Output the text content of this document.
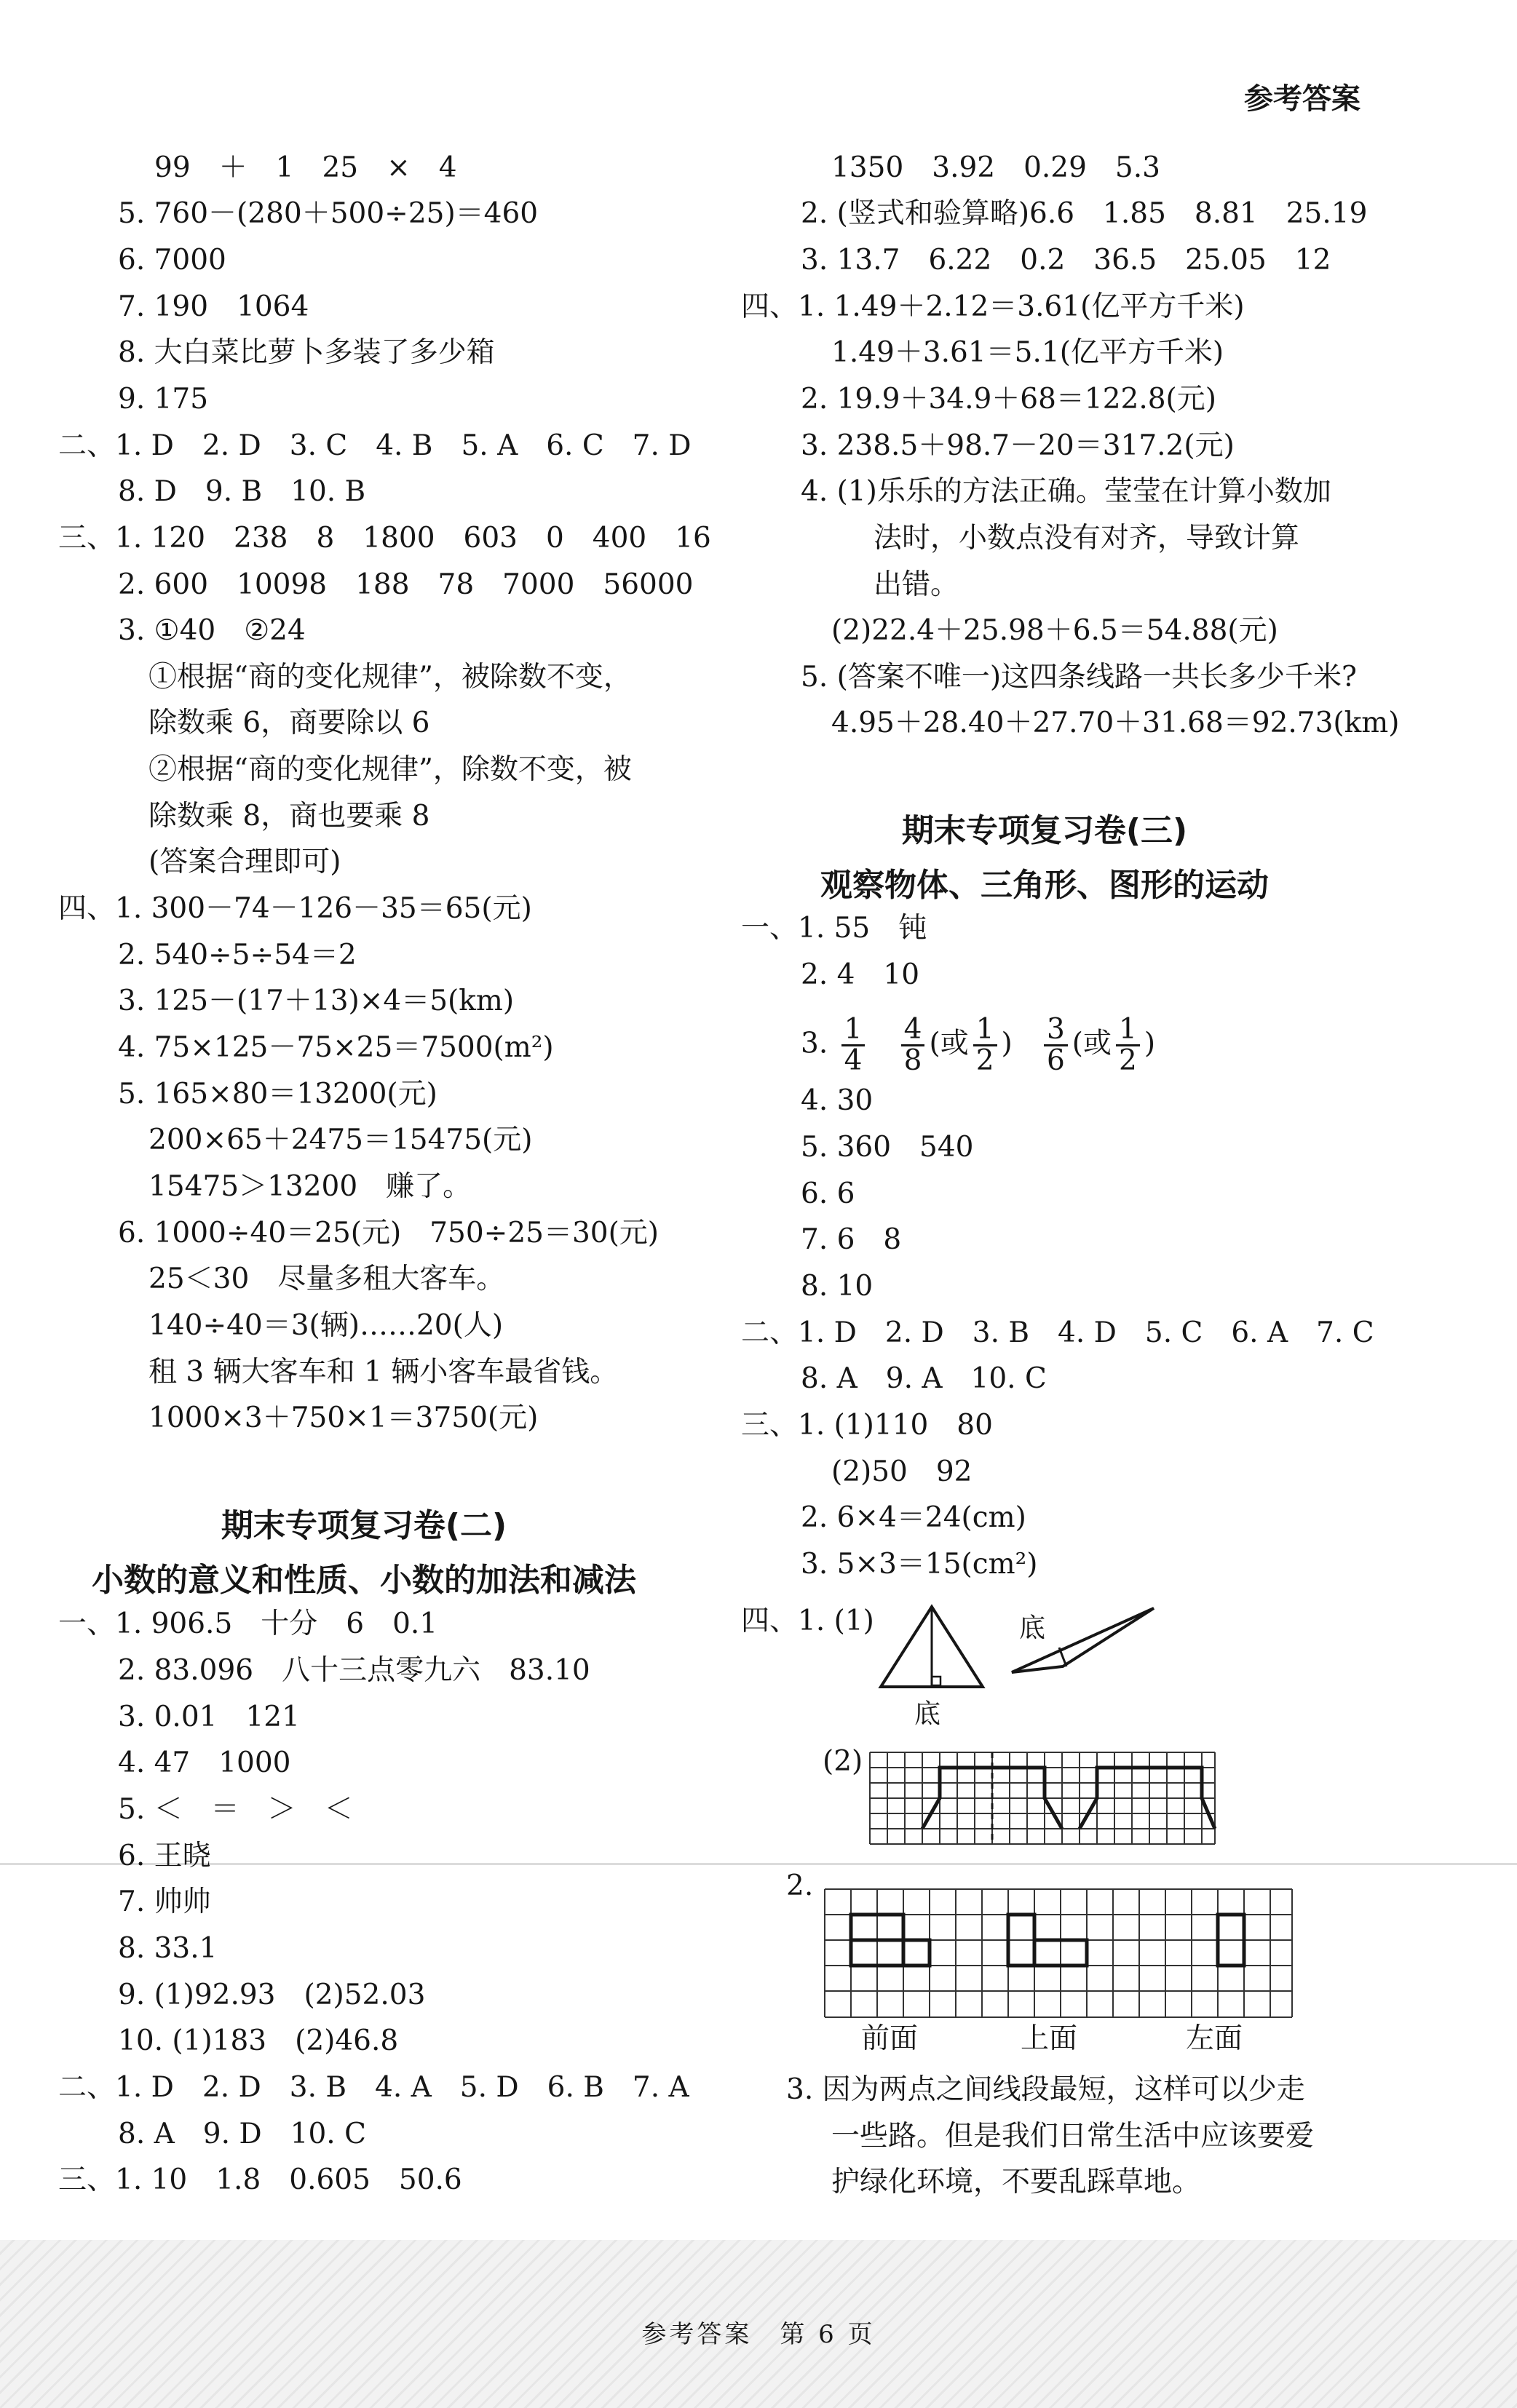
参考答案
99　＋　1　25　×　4
5. 760－(280＋500÷25)＝460
6. 7000
7. 190　1064
8. 大白菜比萝卜多装了多少箱
9. 175
二、1. D　2. D　3. C　4. B　5. A　6. C　7. D
8. D　9. B　10. B
三、1. 120　238　8　1800　603　0　400　16
2. 600　10098　188　78　7000　56000
3. ①40　②24
①根据“商的变化规律”，被除数不变，
除数乘 6，商要除以 6
②根据“商的变化规律”，除数不变，被
除数乘 8，商也要乘 8
(答案合理即可)
四、1. 300－74－126－35＝65(元)
2. 540÷5÷54＝2
3. 125－(17＋13)×4＝5(km)
4. 75×125－75×25＝7500(m²)
5. 165×80＝13200(元)
200×65＋2475＝15475(元)
15475＞13200　赚了。
6. 1000÷40＝25(元)　750÷25＝30(元)
25＜30　尽量多租大客车。
140÷40＝3(辆)……20(人)
租 3 辆大客车和 1 辆小客车最省钱。
1000×3＋750×1＝3750(元)
期末专项复习卷(二)
小数的意义和性质、小数的加法和减法
一、1. 906.5　十分　6　0.1
2. 83.096　八十三点零九六　83.10
3. 0.01　121
4. 47　1000
5. ＜　＝　＞　＜
6. 王晓
7. 帅帅
8. 33.1
9. (1)92.93　(2)52.03
10. (1)183　(2)46.8
二、1. D　2. D　3. B　4. A　5. D　6. B　7. A
8. A　9. D　10. C
三、1. 10　1.8　0.605　50.6
1350　3.92　0.29　5.3
2. (竖式和验算略)6.6　1.85　8.81　25.19
3. 13.7　6.22　0.2　36.5　25.05　12
四、1. 1.49＋2.12＝3.61(亿平方千米)
1.49＋3.61＝5.1(亿平方千米)
2. 19.9＋34.9＋68＝122.8(元)
3. 238.5＋98.7－20＝317.2(元)
4. (1)乐乐的方法正确。莹莹在计算小数加
法时，小数点没有对齐，导致计算
出错。
(2)22.4＋25.98＋6.5＝54.88(元)
5. (答案不唯一)这四条线路一共长多少千米?
4.95＋28.40＋27.70＋31.68＝92.73(km)
期末专项复习卷(三)
观察物体、三角形、图形的运动
一、1. 55　钝
2. 4　10
3. $\frac{1}{4}$
$\frac{4}{8}$ (或 $\frac{1}{2}$ ) $\frac{3}{6}$ (或 $\frac{1}{2}$ )
4. 30
5. 360　540
6. 6
7. 6　8
8. 10
二、1. D　2. D　3. B　4. D　5. C　6. A　7. C
8. A　9. A　10. C
三、1. (1)110　80
(2)50　92
2. 6×4＝24(cm)
3. 5×3＝15(cm²)
四、1. (1)
底
底
(2)
2.
前面	上面	左面
3. 因为两点之间线段最短，这样可以少走
一些路。但是我们日常生活中应该要爱
护绿化环境，不要乱踩草地。
参考答案　第 6 页
